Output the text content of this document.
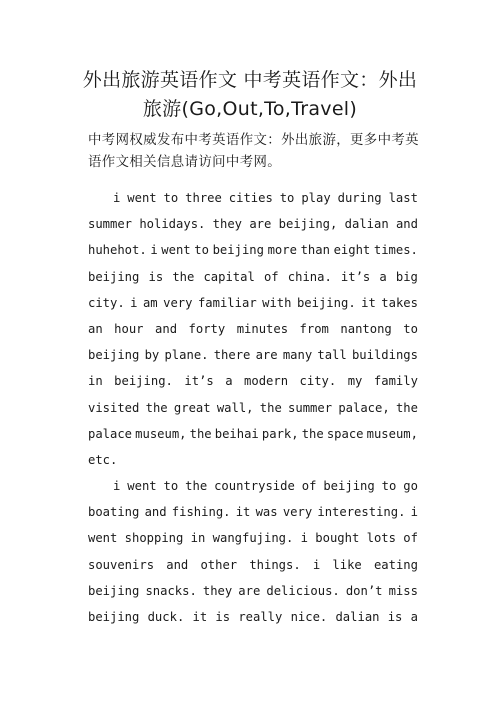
外出旅游英语作文 中考英语作文：外出
旅游(Go,Out,To,Travel)

中考网权威发布中考英语作文：外出旅游，更多中考英
语作文相关信息请访问中考网。

i went to three cities to play during last
summer holidays. they are beijing, dalian and
huhehot. i went to beijing more than eight times.
beijing is the capital of china. it’s a big
city. i am very familiar with beijing. it takes
an hour and forty minutes from nantong to
beijing by plane. there are many tall buildings
in beijing. it’s a modern city. my family
visited the great wall, the summer palace, the
palace museum, the beihai park, the space museum,
etc.
i went to the countryside of beijing to go
boating and fishing. it was very interesting. i
went shopping in wangfujing. i bought lots of
souvenirs and other things. i like eating
beijing snacks. they are delicious. don’t miss
beijing duck. it is really nice. dalian is a
